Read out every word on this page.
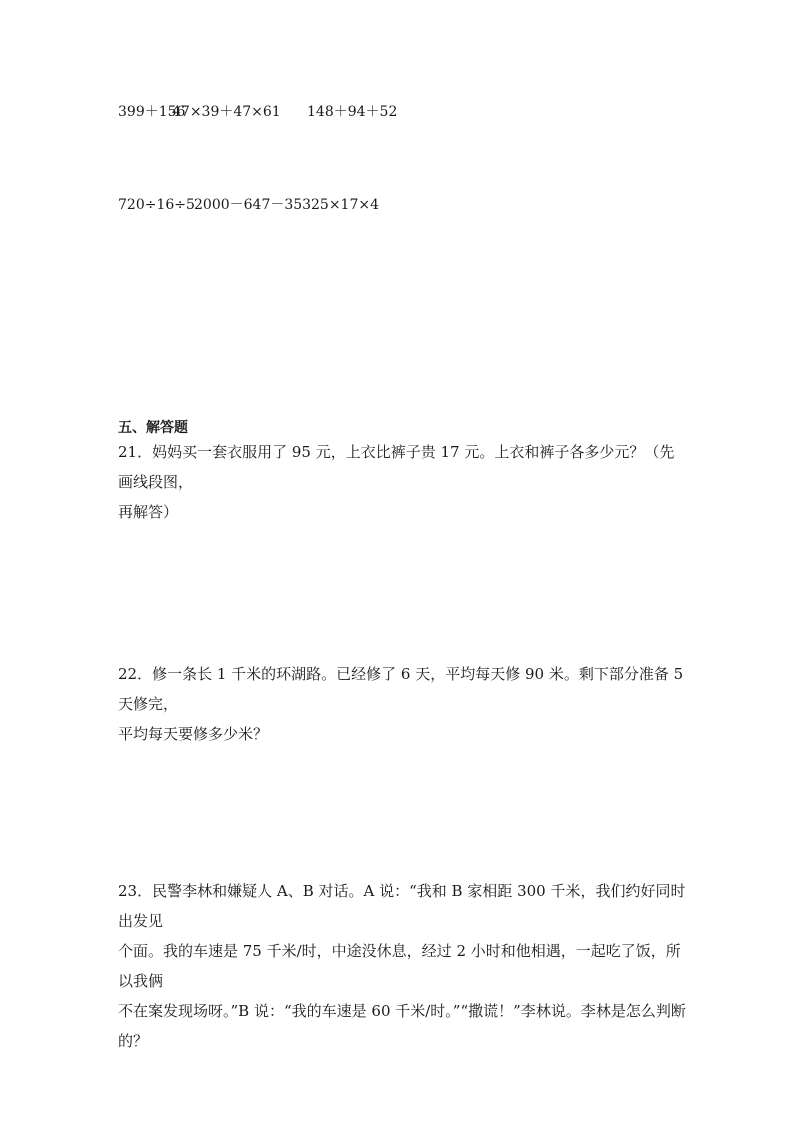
399＋156
47×39＋47×61 148＋94＋52
720÷16÷5 2000－647－353 25×17×4
五、解答题
21．妈妈买一套衣服用了 95 元，上衣比裤子贵 17 元。上衣和裤子各多少元？（先画线段图，
再解答）
22．修一条长 1 千米的环湖路。已经修了 6 天，平均每天修 90 米。剩下部分准备 5 天修完，
平均每天要修多少米？
23．民警李林和嫌疑人 A、B 对话。A 说：“我和 B 家相距 300 千米，我们约好同时出发见
个面。我的车速是 75 千米/时，中途没休息，经过 2 小时和他相遇，一起吃了饭，所以我俩
不在案发现场呀。”B 说：“我的车速是 60 千米/时。”“撒谎！”李林说。李林是怎么判断的？
